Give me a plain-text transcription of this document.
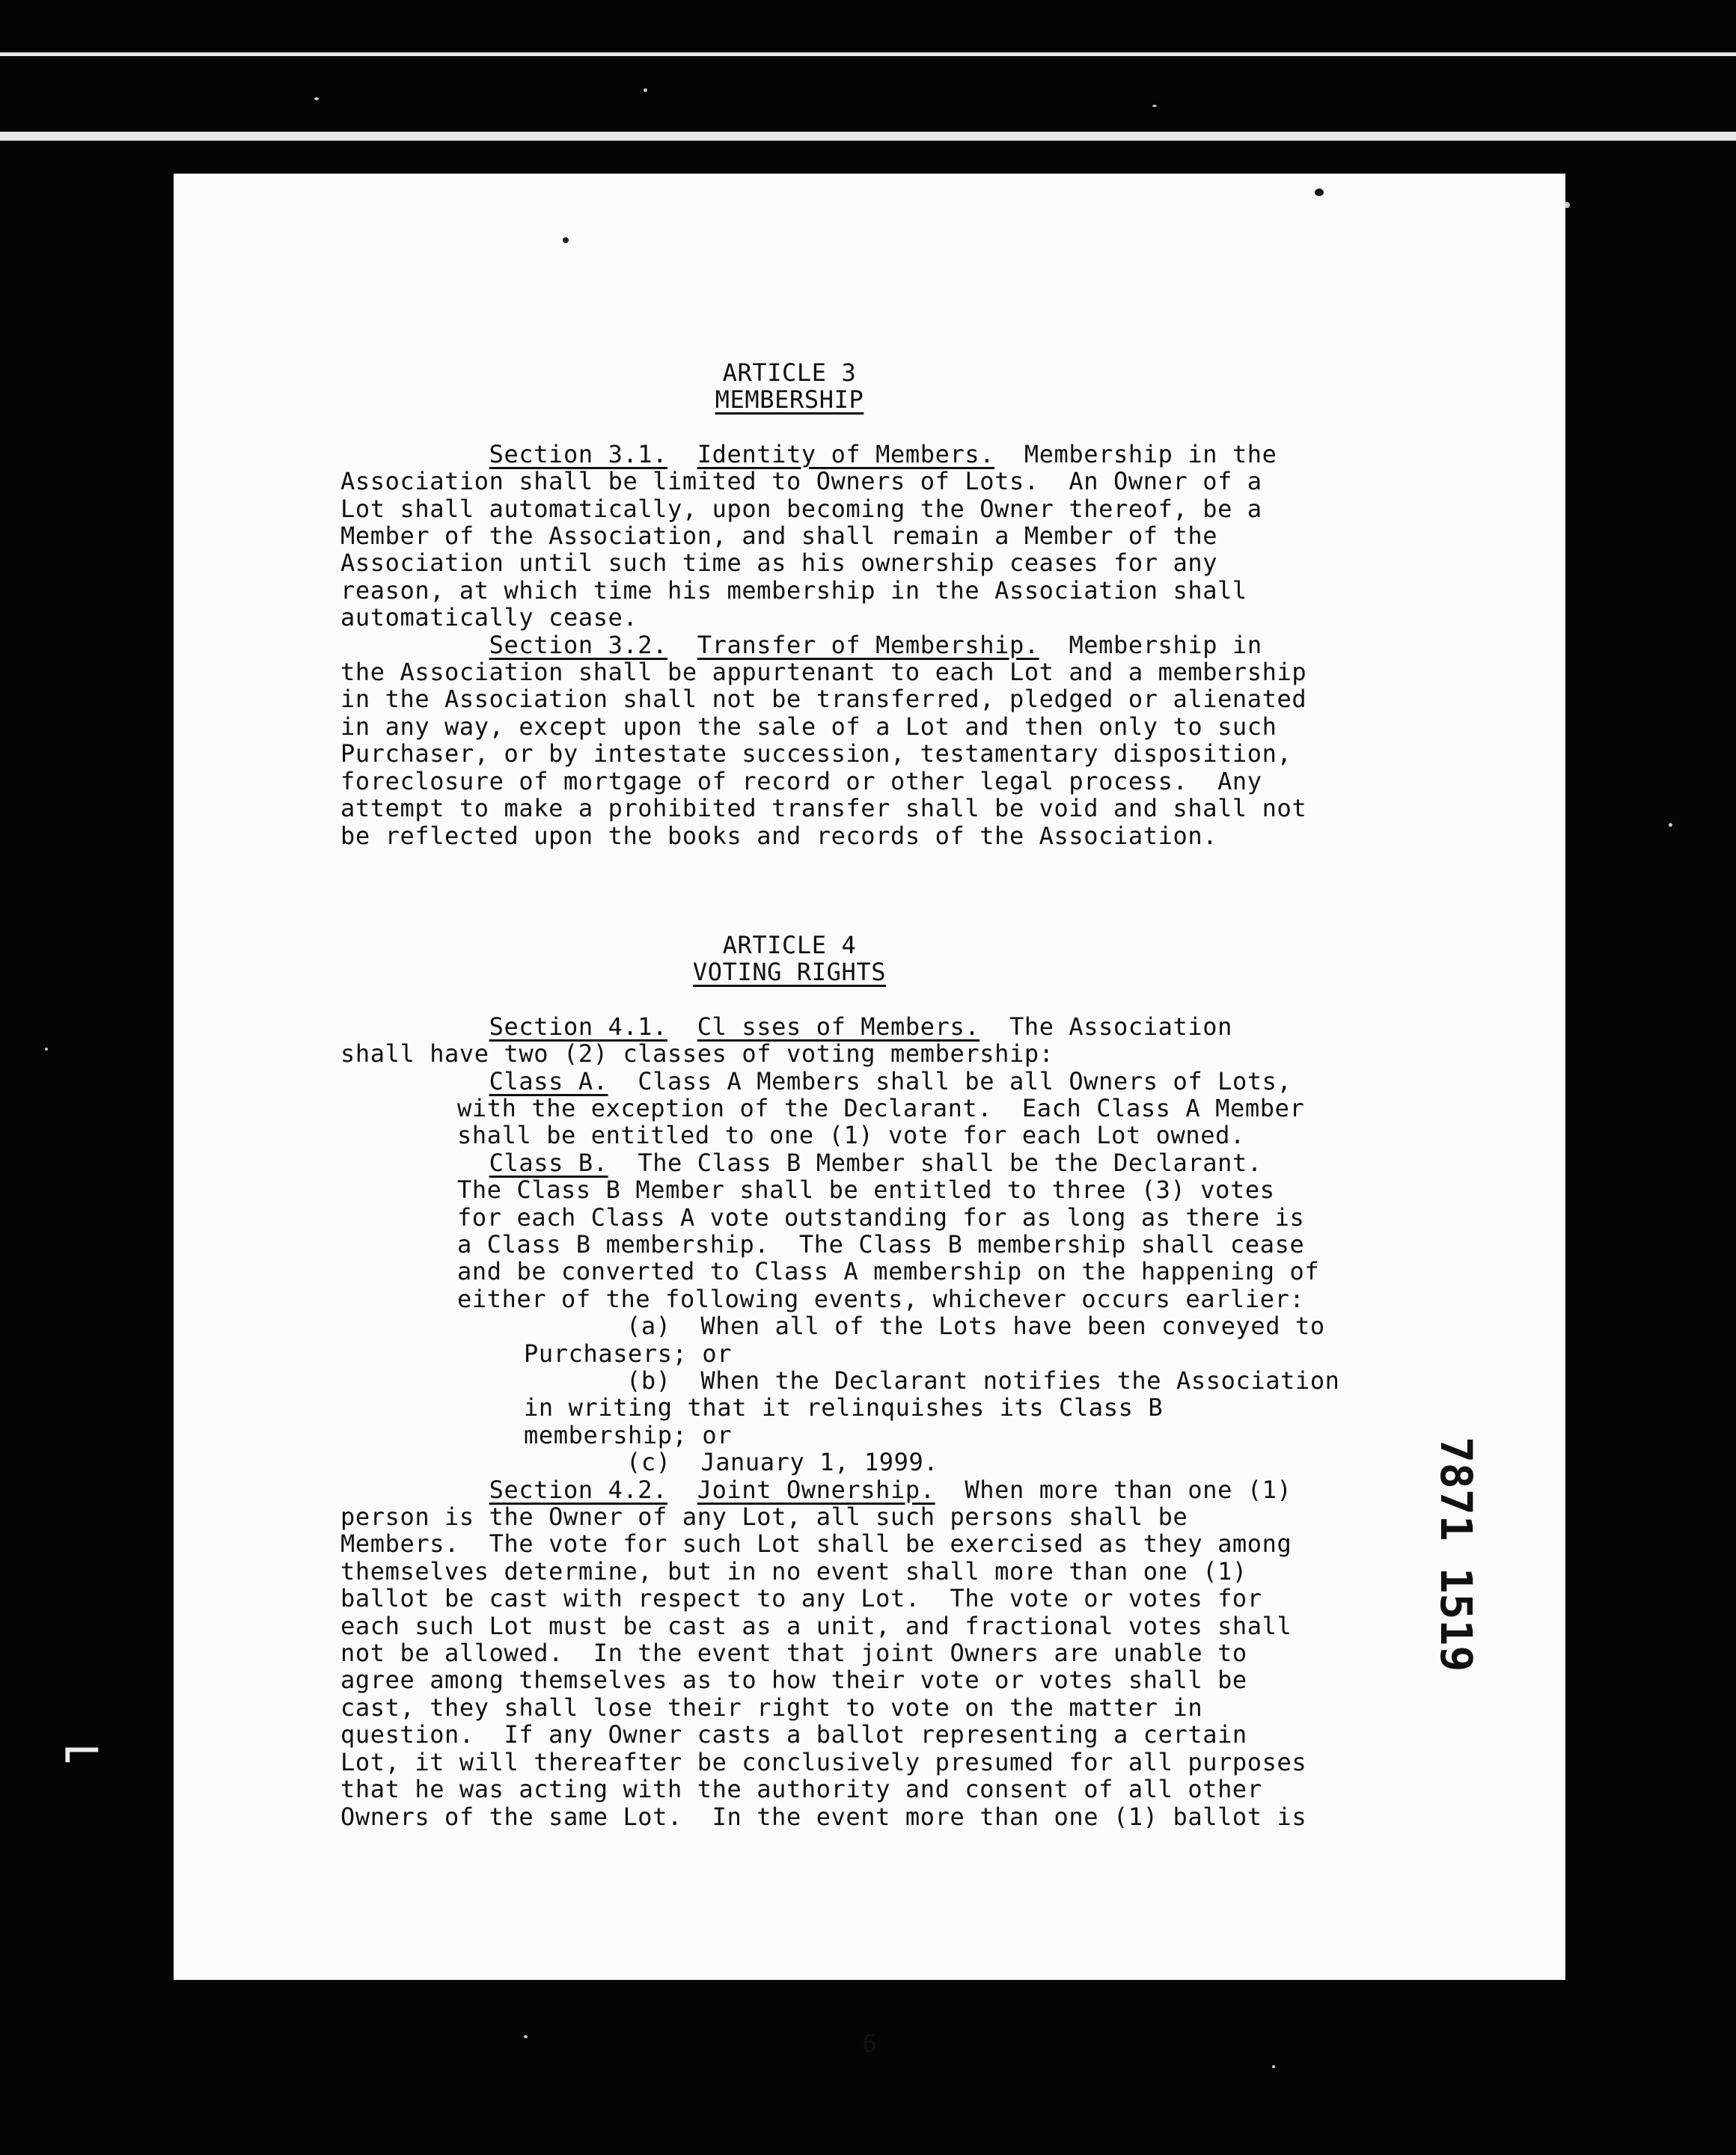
⌐
6
ARTICLE 3
MEMBERSHIP
Section 3.1. Identity of Members. Membership in the
Association shall be limited to Owners of Lots.  An Owner of a
Lot shall automatically, upon becoming the Owner thereof, be a
Member of the Association, and shall remain a Member of the
Association until such time as his ownership ceases for any
reason, at which time his membership in the Association shall
automatically cease.
Section 3.2. Transfer of Membership. Membership in
the Association shall be appurtenant to each Lot and a membership
in the Association shall not be transferred, pledged or alienated
in any way, except upon the sale of a Lot and then only to such
Purchaser, or by intestate succession, testamentary disposition,
foreclosure of mortgage of record or other legal process.  Any
attempt to make a prohibited transfer shall be void and shall not
be reflected upon the books and records of the Association.
ARTICLE 4
VOTING RIGHTS
Section 4.1. Cl sses of Members. The Association
shall have two (2) classes of voting membership:
Class A. Class A Members shall be all Owners of Lots,
with the exception of the Declarant.  Each Class A Member
shall be entitled to one (1) vote for each Lot owned.
Class B. The Class B Member shall be the Declarant.
The Class B Member shall be entitled to three (3) votes
for each Class A vote outstanding for as long as there is
a Class B membership.  The Class B membership shall cease
and be converted to Class A membership on the happening of
either of the following events, whichever occurs earlier:
(a)  When all of the Lots have been conveyed to
Purchasers; or
(b)  When the Declarant notifies the Association
in writing that it relinquishes its Class B
membership; or
(c)  January 1, 1999.
Section 4.2. Joint Ownership. When more than one (1)
person is the Owner of any Lot, all such persons shall be
Members.  The vote for such Lot shall be exercised as they among
themselves determine, but in no event shall more than one (1)
ballot be cast with respect to any Lot.  The vote or votes for
each such Lot must be cast as a unit, and fractional votes shall
not be allowed.  In the event that joint Owners are unable to
agree among themselves as to how their vote or votes shall be
cast, they shall lose their right to vote on the matter in
question.  If any Owner casts a ballot representing a certain
Lot, it will thereafter be conclusively presumed for all purposes
that he was acting with the authority and consent of all other
Owners of the same Lot.  In the event more than one (1) ballot is
7871 1519
